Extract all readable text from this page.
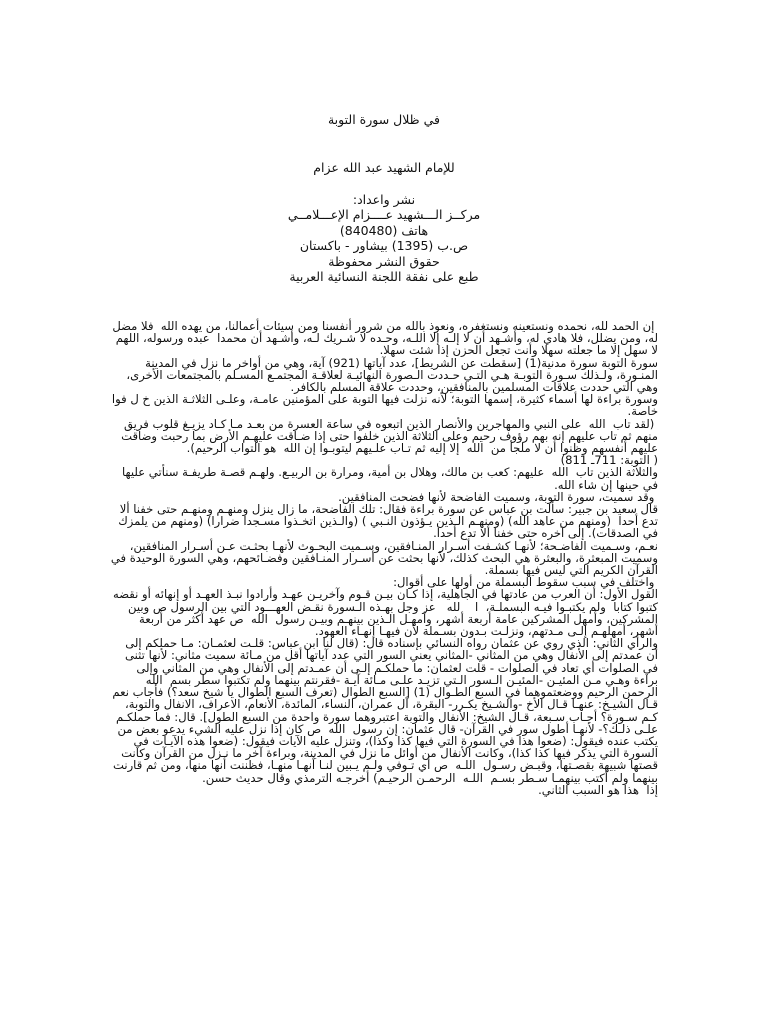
في ظلال سورة التوبة
للإمام الشهيد عبد الله عزام
نشر واعداد:
مركــز الـــشهيد عــــزام الإعـــلامــي
هاتف (840480)
ص.ب (1395) بيشاور - باكستان
حقوق النشر محفوظة
طبع على نفقة اللجنة النسائية العربية

إن الحمد لله، نحمده ونستعينه ونستغفره، ونعوذ بالله من شرور أنفسنا ومن سيئات أعمالنا، من يهده الله  فلا مضل له، ومن يضلل، فلا هادي له، وأشـهد أن لا إلـه إلا اللـه، وحـده لا شـريك لـه، وأشـهد أن محمدا  عبده ورسوله، اللهم لا سهل إلا ما جعلته سهلا وأنت تجعل الحزن إذا شئت سهلا.

سورة التوبة سورة مدنية(1) [سقطت عن الشريط]، عدد آياتها (921) آية، وهي من أواخر ما نزل في المدينة المنـورة، ولـذلك سـورة التوبـة هـي التـي حـددت الـصورة النهائيـة لعلاقـة المجتمـع المسـلم بالمجتمعات الأخرى، وهي التي حددت علاقات المسلمين بالمنافقين، وحددت علاقة المسلم بالكافر.

وسورة براءة لها أسماء كثيرة، إسمها التوبة؛ لأنه نزلت فيها التوبة على المؤمنين عامـة، وعلـى الثلاثـة الذين خ ل فوا خاصة.

(لقد تاب  الله  على النبي والمهاجرين والأنصار الذين اتبعوه في ساعة العسرة من بعـد مـا كـاد يزيـغ قلوب فريق منهم ثم تاب عليهم إنه بهم رؤوف رحيم وعلى الثلاثة الذين خلفوا حتى إذا ضـاقت عليهـم الأرض بما رحبت وضاقت عليهم أنفسهم وظنوا أن لا ملجأ من  الله  إلا إليه ثم تـاب علـيهم ليتوبـوا إن الله  هو التواب الرحيم).

( التوبة: 711ـ 811)

والثلاثة الذين تاب  الله  عليهم: كعب بن مالك، وهلال بن أمية، ومرارة بن الربيـع. ولهـم قصـة طريفـة سنأتي عليها في حينها إن شاء الله.

وقد سميت، سورة التوبة، وسميت الفاضحة لأنها فضحت المنافقين.

قال سعيد بن جبير: سألت بن عباس عن سورة براءة فقال: تلك الفاضحة، ما زال ينزل ومنهـم ومنهـم حتى خفنا ألا تدع أحدا  (ومنهم من عاهد الله) (ومنهـم الـذين يـؤذون النـبي ) (والـذين اتخـذوا مسـجدا ضرارا) (ومنهم من يلمزك في الصدقات). إلى آخره حتى خفنا ألا تدع أحدا.

نعـم، وسـميت الفاضـحة؛ لأنهـا كشـفت أسـرار المنـافقين، وسـميت البحـوث لأنهـا بحثـت عـن أسـرار المنافقين، وسميت المبعثرة، والبعثرة هي البحث كذلك، لأنها بحثت عن أسـرار المنـافقين وفضـائحهم، وهي السورة الوحيدة في القرآن الكريم التي ليس فيها بسملة.

واختلف في سبب سقوط البسملة من أولها على أقوال:

القول الأول: أن العرب من عادتها في الجاهلية، إذا كـان بيـن قـوم وآخريـن عهـد وأرادوا نبـذ العهـد أو إنهائه أو نقضه كتبوا كتابا  ولم يكتبـوا فيـه البسملـة،  ا    لله   عز وجل بهـذه الـسورة نقـض العهـــود التي بين الرسول ص وبين المشركين، وأمهل المشركين عامة أربعة أشهر، وأمهـل الـذين بينهـم وبيـن رسول  الله  ص عهد أكثر من أربعة أشهر، أمهلهـم إلـى مـدتهم، ونزلـت بـدون بسـملة لأن فيهـا إنهـاء العهود.

والرأي الثاني: الذي روي عن عثمان رواه النسائي بإسناده قال: (قال لنا ابن عباس: قلـت لعثمـان: مـا حملكم إلى أن عمدتم إلى الأنفال وهي من المثاني -المثاني يعني السور التي عدد آياتها أقل من مـائة سميت مثاني: لأنها تثنى في الصلوات أي تعاد في الصلوات - قلت لعثمان: ما حملكـم إلـى أن عمـدتم إلى الأنفال وهي من المثاني وإلى براءة وهـي مـن المئيـن -المئيـن الـسور الـتي تزيـد علـى مـائة آيـة -فقرنتم بينهما ولم تكتبوا سطر بسم  الله  الرحمن الرحيم ووضعتموهما في السبع الطـوال (1) [السبع الطوال (تعرف السبع الطوال يا شيخ سعد؟) فأجاب نعم قـال الشيـخ: عنهـا قـال الأخ -والشـيخ يكـرر- البقرة، آل عمران، النساء، المائدة، الأنعام، الاعراف، الانفال والتوبة، كـم سـورة؟ أجـاب سـبعة، قـال الشيخ: الأنفال والتوبة اعتبروهما سورة واحدة من السبع الطول]. قال: فما حملكـم علـى ذلـك؟- لأنهـا أطول سور في القرآن- قال عثمان: إن رسول  الله  ص كان إذا نزل عليه الشيء يدعو بعض من يكتب عنده فيقول: (ضعوا هذا في السورة التي فيها كذا وكذا)، وتنزل عليه الآيات فيقول: (ضعوا هذه الآيـات في السورة التي يذكر فيها كذا كذا)، وكانت الأنفال من أوائل ما نزل في المدينة، وبراءة آخر ما نـزل من القرآن وكانت قصتها شبيهة بقصـتها، وقبـض رسـول  اللـه  ص أي تـوفي ولـم يـبين لنـا أنهـا منهـا، فظننت أنها منها، ومن ثم قارنت بينهما ولم أكتب بينهمـا سـطر بسـم  اللـه  الرحمـن الرحيـم) أخرجـه الترمذي وقال حديث حسن.

إذا  هذا هو السبب الثاني.
